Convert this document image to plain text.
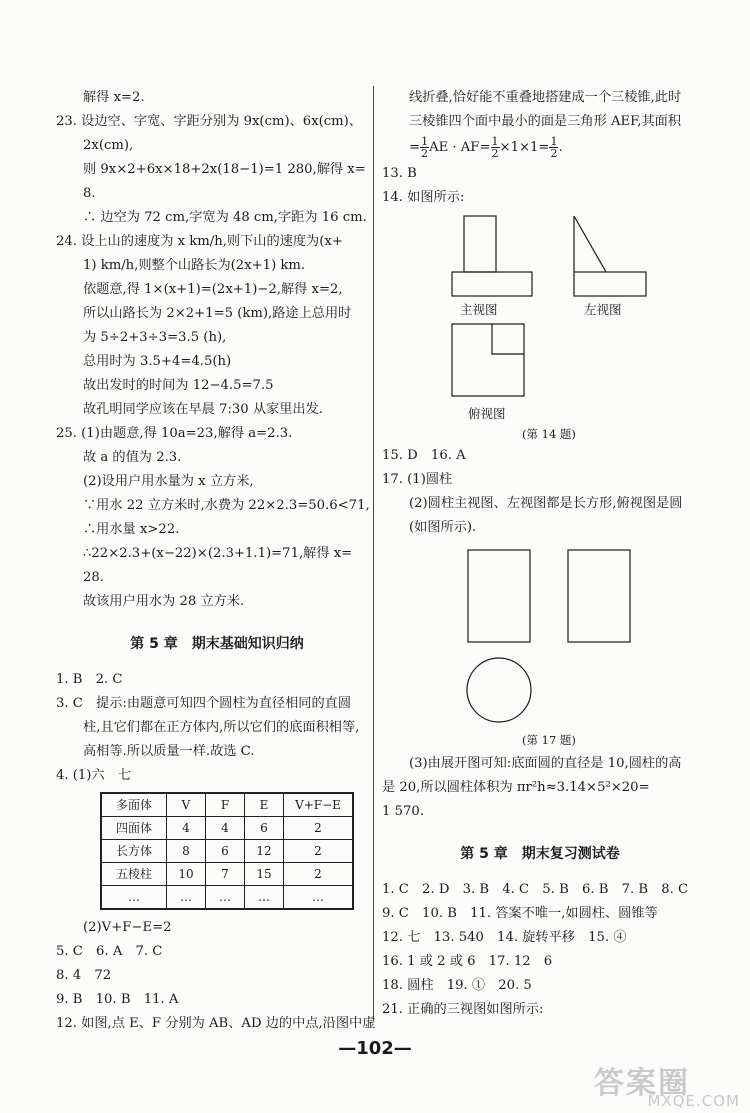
解得 x=2.
23. 设边空、字宽、字距分别为 9x(cm)、6x(cm)、
2x(cm),
则 9x×2+6x×18+2x(18−1)=1 280,解得 x=
8.
∴ 边空为 72 cm,字宽为 48 cm,字距为 16 cm.
24. 设上山的速度为 x km/h,则下山的速度为(x+
1) km/h,则整个山路长为(2x+1) km.
依题意,得 1×(x+1)=(2x+1)−2,解得 x=2,
所以山路长为 2×2+1=5 (km),路途上总用时
为 5÷2+3÷3=3.5 (h),
总用时为 3.5+4=4.5(h)
故出发时的时间为 12−4.5=7.5
故孔明同学应该在早晨 7:30 从家里出发.
25. (1)由题意,得 10a=23,解得 a=2.3.
故 a 的值为 2.3.
(2)设用户用水量为 x 立方米,
∵用水 22 立方米时,水费为 22×2.3=50.6<71,
∴用水量 x>22.
∴22×2.3+(x−22)×(2.3+1.1)=71,解得 x=
28.
故该用户用水为 28 立方米.
第 5 章　期末基础知识归纳
1. B　2. C
3. C　提示:由题意可知四个圆柱为直径相同的直圆
柱,且它们都在正方体内,所以它们的底面积相等,
高相等.所以质量一样.故选 C.
4. (1)六　七
多面体	V	F	E	V+F−E
四面体	4	4	6	2
长方体	8	6	12	2
五棱柱	10	7	15	2
…	…	…	…	…
(2)V+F−E=2
5. C　6. A　7. C
8. 4　72
9. B　10. B　11. A
12. 如图,点 E、F 分别为 AB、AD 边的中点,沿图中虚
线折叠,恰好能不重叠地搭建成一个三棱锥,此时
三棱锥四个面中最小的面是三角形 AEF,其面积
= $\frac{1}{2}$ AE · $AF= \frac{1}{2} \times 1\times 1= \frac{1}{2}$ .
13. B
14. 如图所示:
主视图	左视图
俯视图
(第 14 题)
15. D　16. A
17. (1)圆柱
(2)圆柱主视图、左视图都是长方形,俯视图是圆
(如图所示).
(第 17 题)
(3)由展开图可知:底面圆的直径是 10,圆柱的高
是 20,所以圆柱体积为 πr²h≈3.14×5²×20=
1 570.
第 5 章　期末复习测试卷
1. C　2. D　3. B　4. C　5. B　6. B　7. B　8. C
9. C　10. B　11. 答案不唯一,如圆柱、圆锥等
12. 七　13. 540　14. 旋转平移　15. ④
16. 1 或 2 或 6　17. 12　6
18. 圆柱　19. ①　20. 5
21. 正确的三视图如图所示:
—102—
答案圈
MXQE.COM
